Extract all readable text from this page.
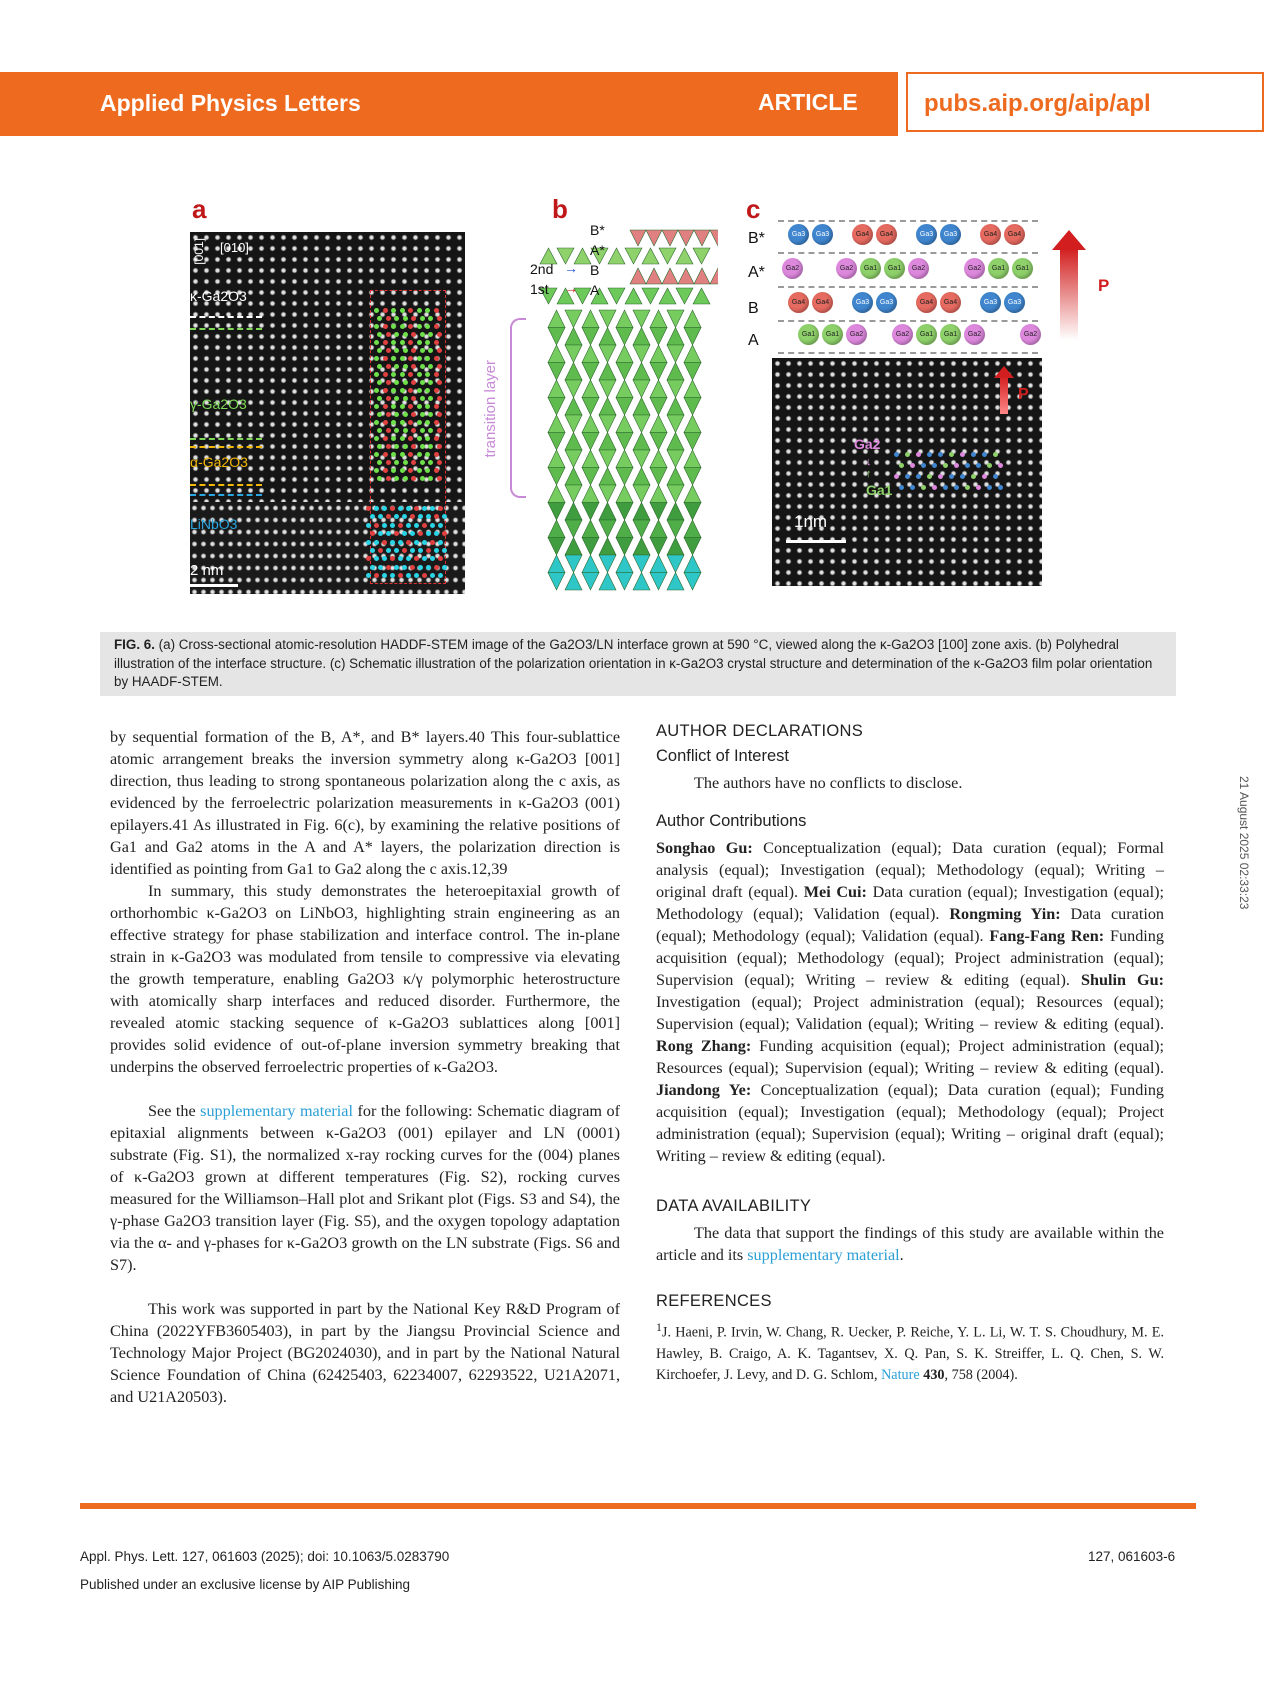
Applied Physics Letters	ARTICLE	pubs.aip.org/aip/apl
a
[001] [010]
κ-Ga2O3
γ-Ga2O3
α-Ga2O3
LiNbO3
2 nm
b
B*
A*
B
A
2nd
1st
→
→
transition layer
c
Ga3	Ga3	Ga4	Ga4	Ga3	Ga3	Ga4	Ga4
Ga2	Ga2	Ga1	Ga1	Ga2	Ga2	Ga1	Ga1
Ga4	Ga4	Ga3	Ga3	Ga4	Ga4	Ga3	Ga3
Ga1	Ga1	Ga2	Ga2	Ga1	Ga1	Ga2	Ga2
B*
A*
B
A
P
P
Ga2
↓
↑
Ga1
1nm
FIG. 6. (a) Cross-sectional atomic-resolution HADDF-STEM image of the Ga2O3/LN interface grown at 590 °C, viewed along the κ-Ga2O3 [100] zone axis. (b) Polyhedral illustration of the interface structure. (c) Schematic illustration of the polarization orientation in κ-Ga2O3 crystal structure and determination of the κ-Ga2O3 film polar orientation by HAADF-STEM.

by sequential formation of the B, A*, and B* layers.40 This four-sublattice atomic arrangement breaks the inversion symmetry along κ-Ga2O3 [001] direction, thus leading to strong spontaneous polarization along the c axis, as evidenced by the ferroelectric polarization measurements in κ-Ga2O3 (001) epilayers.41 As illustrated in Fig. 6(c), by examining the relative positions of Ga1 and Ga2 atoms in the A and A* layers, the polarization direction is identified as pointing from Ga1 to Ga2 along the c axis.12,39

In summary, this study demonstrates the heteroepitaxial growth of orthorhombic κ-Ga2O3 on LiNbO3, highlighting strain engineering as an effective strategy for phase stabilization and interface control. The in-plane strain in κ-Ga2O3 was modulated from tensile to compressive via elevating the growth temperature, enabling Ga2O3 κ/γ polymorphic heterostructure with atomically sharp interfaces and reduced disorder. Furthermore, the revealed atomic stacking sequence of κ-Ga2O3 sublattices along [001] provides solid evidence of out-of-plane inversion symmetry breaking that underpins the observed ferroelectric properties of κ-Ga2O3.

See the supplementary material for the following: Schematic diagram of epitaxial alignments between κ-Ga2O3 (001) epilayer and LN (0001) substrate (Fig. S1), the normalized x-ray rocking curves for the (004) planes of κ-Ga2O3 grown at different temperatures (Fig. S2), rocking curves measured for the Williamson–Hall plot and Srikant plot (Figs. S3 and S4), the γ-phase Ga2O3 transition layer (Fig. S5), and the oxygen topology adaptation via the α- and γ-phases for κ-Ga2O3 growth on the LN substrate (Figs. S6 and S7).

This work was supported in part by the National Key R&D Program of China (2022YFB3605403), in part by the Jiangsu Provincial Science and Technology Major Project (BG2024030), and in part by the National Natural Science Foundation of China (62425403, 62234007, 62293522, U21A2071, and U21A20503).

AUTHOR DECLARATIONS

Conflict of Interest

The authors have no conflicts to disclose.

Author Contributions

Songhao Gu: Conceptualization (equal); Data curation (equal); Formal analysis (equal); Investigation (equal); Methodology (equal); Writing – original draft (equal). Mei Cui: Data curation (equal); Investigation (equal); Methodology (equal); Validation (equal). Rongming Yin: Data curation (equal); Methodology (equal); Validation (equal). Fang-Fang Ren: Funding acquisition (equal); Methodology (equal); Project administration (equal); Supervision (equal); Writing – review & editing (equal). Shulin Gu: Investigation (equal); Project administration (equal); Resources (equal); Supervision (equal); Validation (equal); Writing – review & editing (equal). Rong Zhang: Funding acquisition (equal); Project administration (equal); Resources (equal); Supervision (equal); Writing – review & editing (equal). Jiandong Ye: Conceptualization (equal); Data curation (equal); Funding acquisition (equal); Investigation (equal); Methodology (equal); Project administration (equal); Supervision (equal); Writing – original draft (equal); Writing – review & editing (equal).

DATA AVAILABILITY

The data that support the findings of this study are available within the article and its supplementary material.

REFERENCES

$^1$J. Haeni, P. Irvin, W. Chang, R. Uecker, P. Reiche, Y. L. Li, W. T. S. Choudhury, M. E. Hawley, B. Craigo, A. K. Tagantsev, X. Q. Pan, S. K. Streiffer, L. Q. Chen, S. W. Kirchoefer, J. Levy, and D. G. Schlom, Nature 430, 758 (2004).

21 August 2025 02:33:23
Appl. Phys. Lett. 127, 061603 (2025); doi: 10.1063/5.0283790
Published under an exclusive license by AIP Publishing
127, 061603-6
